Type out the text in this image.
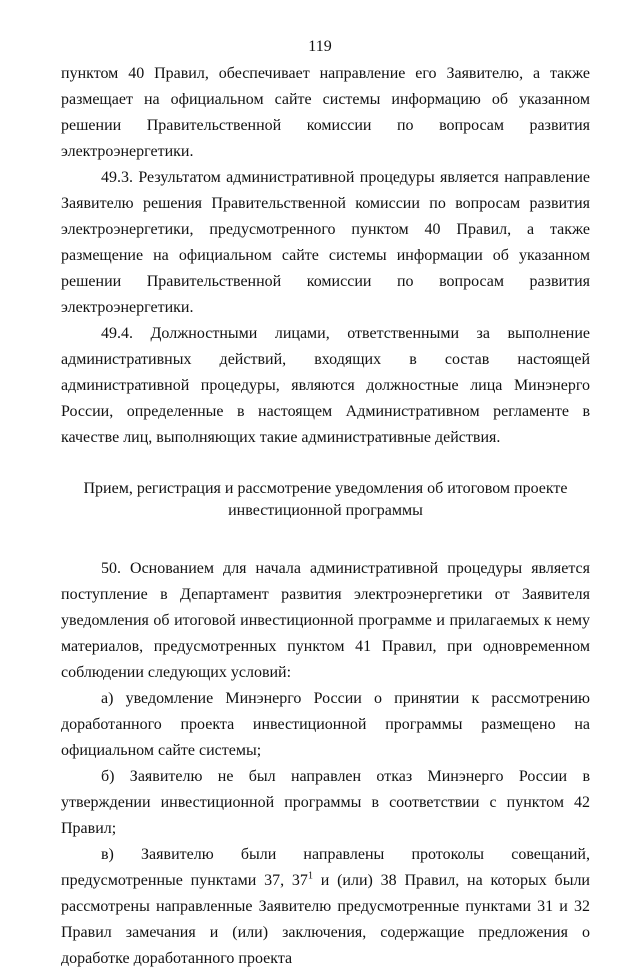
119

пунктом 40 Правил, обеспечивает направление его Заявителю, а также размещает на официальном сайте системы информацию об указанном решении Правительственной комиссии по вопросам развития электроэнергетики.

49.3. Результатом административной процедуры является направление Заявителю решения Правительственной комиссии по вопросам развития электроэнергетики, предусмотренного пунктом 40 Правил, а также размещение на официальном сайте системы информации об указанном решении Правительственной комиссии по вопросам развития электроэнергетики.

49.4. Должностными лицами, ответственными за выполнение административных действий, входящих в состав настоящей административной процедуры, являются должностные лица Минэнерго России, определенные в настоящем Административном регламенте в качестве лиц, выполняющих такие административные действия.

Прием, регистрация и рассмотрение уведомления об итоговом проекте
инвестиционной программы

50. Основанием для начала административной процедуры является поступление в Департамент развития электроэнергетики от Заявителя уведомления об итоговой инвестиционной программе и прилагаемых к нему материалов, предусмотренных пунктом 41 Правил, при одновременном соблюдении следующих условий:

а) уведомление Минэнерго России о принятии к рассмотрению доработанного проекта инвестиционной программы размещено на официальном сайте системы;

б) Заявителю не был направлен отказ Минэнерго России в утверждении инвестиционной программы в соответствии с пунктом 42 Правил;

в) Заявителю были направлены протоколы совещаний, предусмотренные пунктами 37, $37^1$ и (или) 38 Правил, на которых были рассмотрены направленные Заявителю предусмотренные пунктами 31 и 32 Правил замечания и (или) заключения, содержащие предложения о доработке доработанного проекта
